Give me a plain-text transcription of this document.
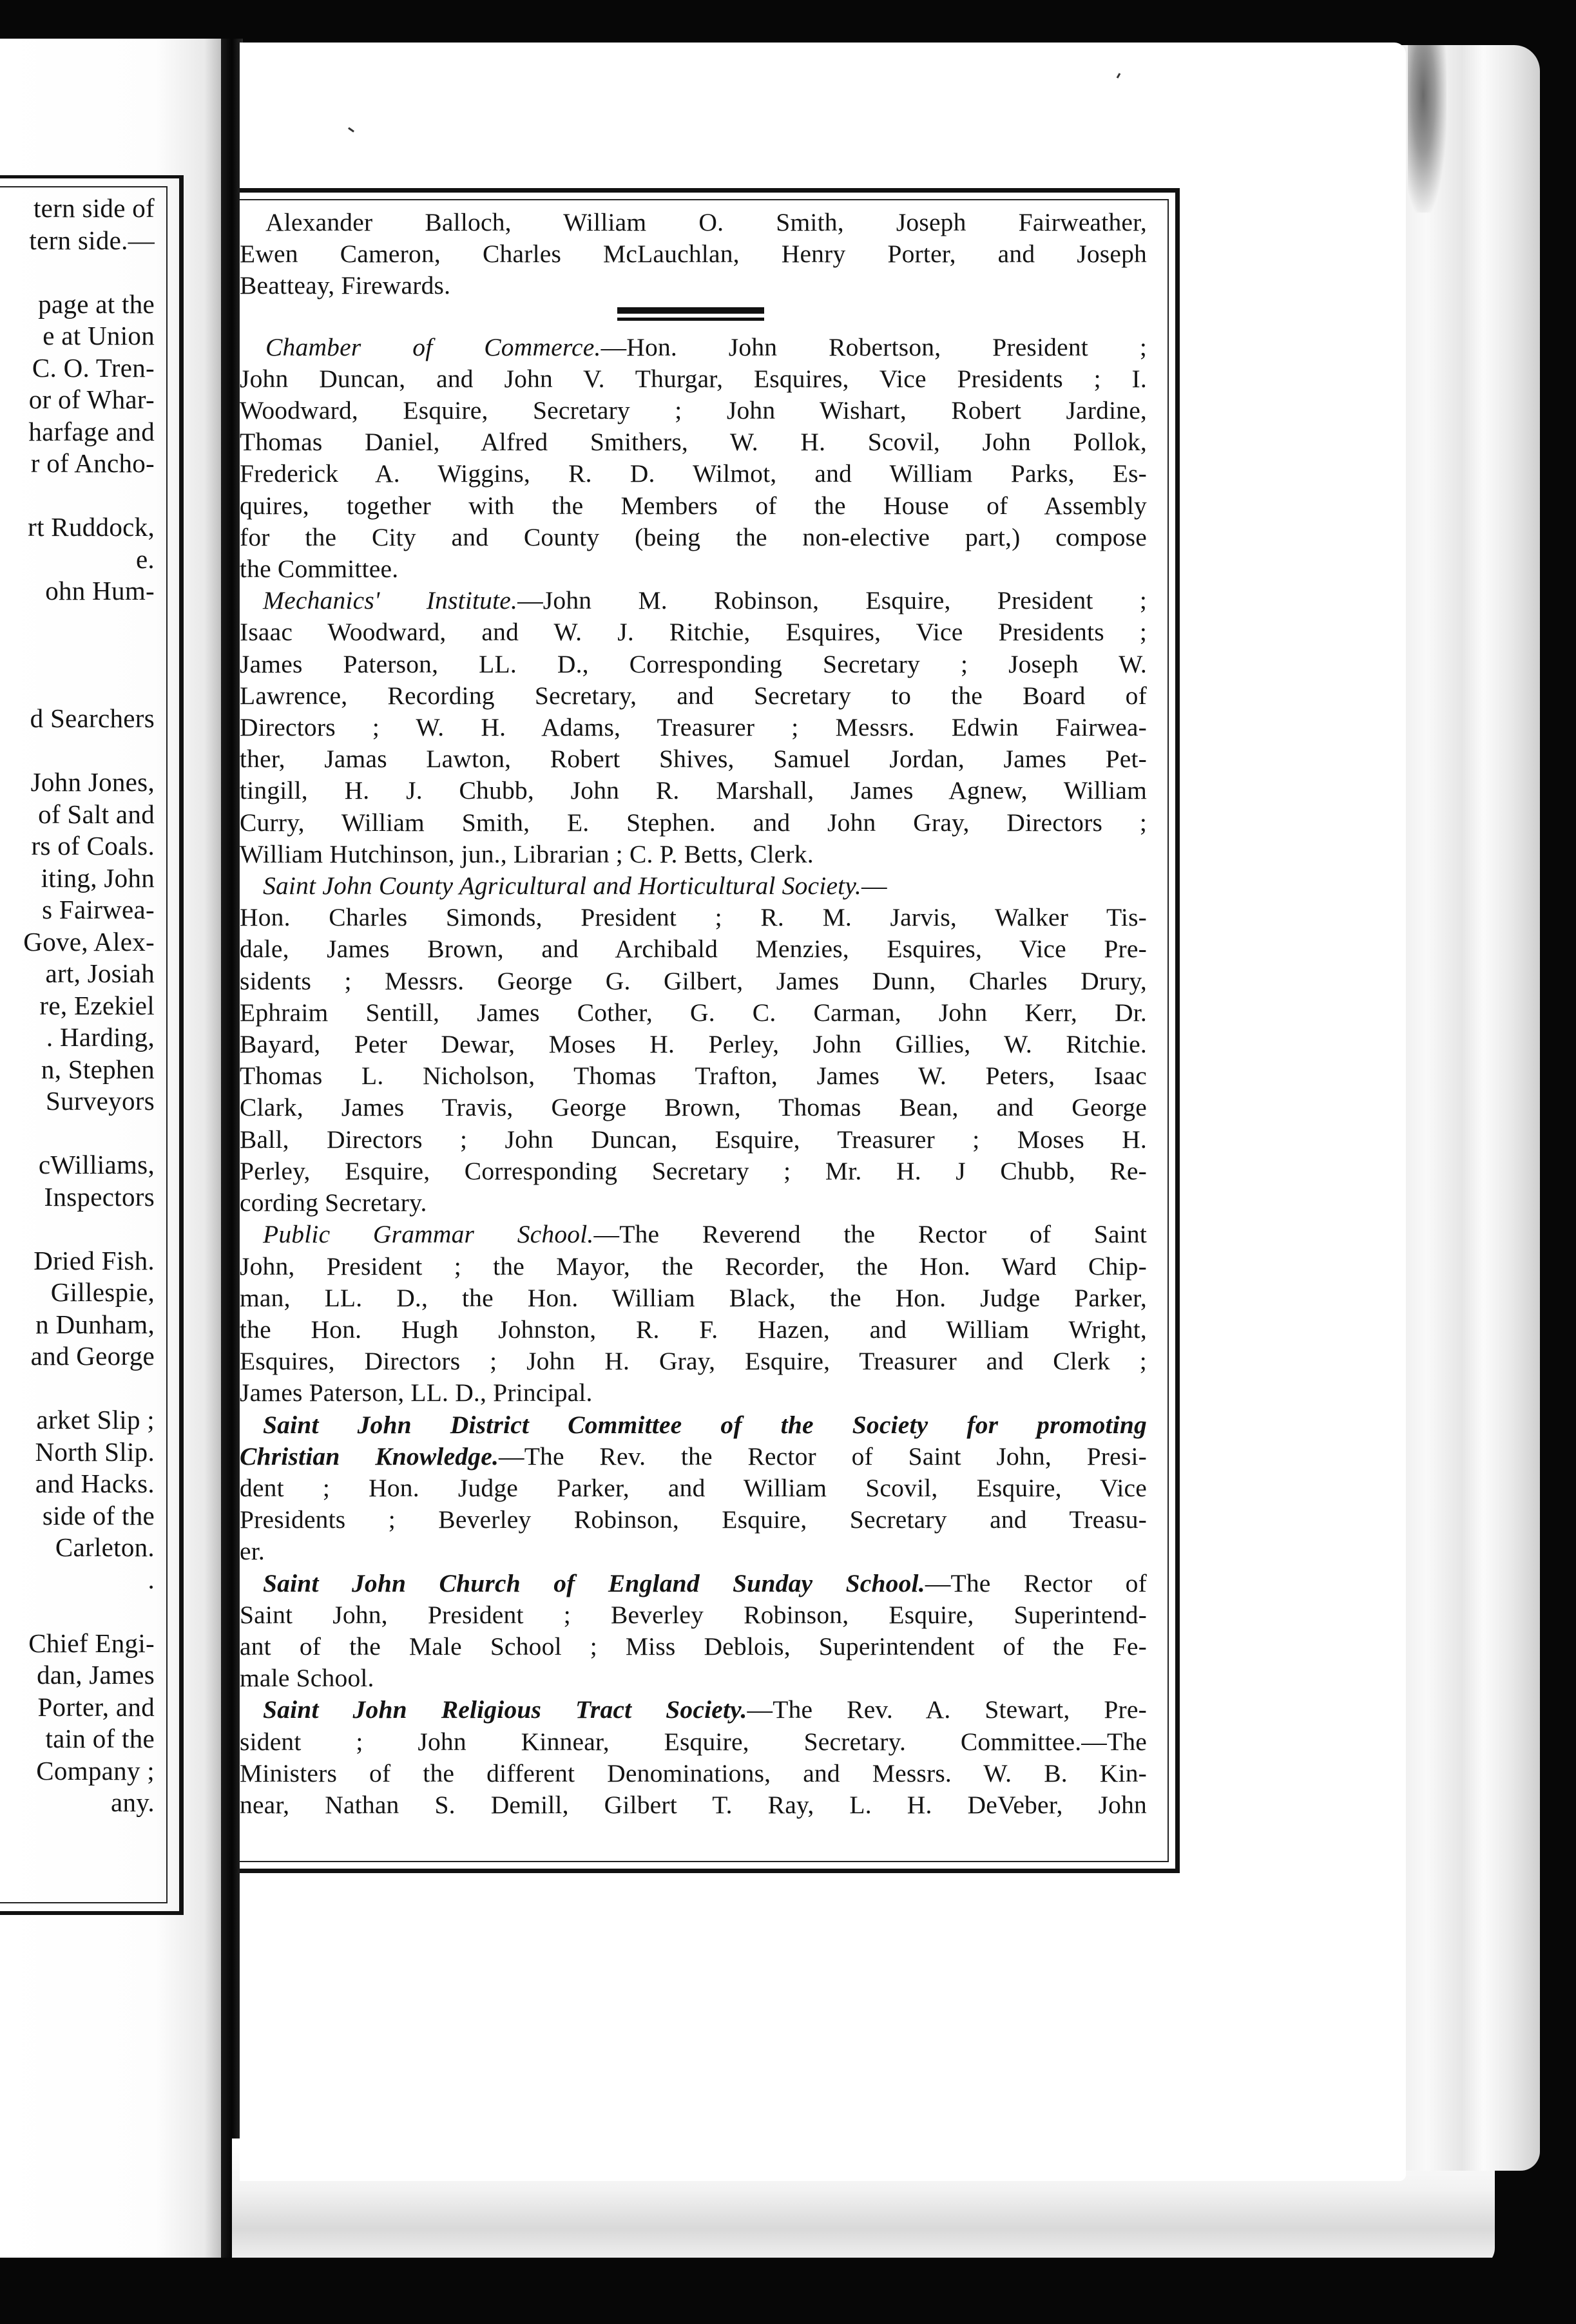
tern side of
tern side.—
page at the
e at Union
C. O. Tren-
or of Whar-
harfage and
r of Ancho-
rt Ruddock,
e.
ohn Hum-
d Searchers
John Jones,
of Salt and
rs of Coals.
iting, John
s Fairwea-
Gove, Alex-
art, Josiah
re, Ezekiel
. Harding,
n, Stephen
Surveyors
cWilliams,
Inspectors
Dried Fish.
Gillespie,
n Dunham,
and George
arket Slip ;
North Slip.
and Hacks.
side of the
Carleton.
.
Chief Engi-
dan, James
Porter, and
tain of the
Company ;
any.
Alexander Balloch, William O. Smith, Joseph Fairweather,
Ewen Cameron, Charles McLauchlan, Henry Porter, and Joseph
Beatteay, Firewards.
Chamber of Commerce.—Hon. John Robertson, President ;
John Duncan, and John V. Thurgar, Esquires, Vice Presidents ; I.
Woodward, Esquire, Secretary ; John Wishart, Robert Jardine,
Thomas Daniel, Alfred Smithers, W. H. Scovil, John Pollok,
Frederick A. Wiggins, R. D. Wilmot, and William Parks, Es-
quires, together with the Members of the House of Assembly
for the City and County (being the non-elective part,) compose
the Committee.
Mechanics' Institute.—John M. Robinson, Esquire, President ;
Isaac Woodward, and W. J. Ritchie, Esquires, Vice Presidents ;
James Paterson, LL. D., Corresponding Secretary ; Joseph W.
Lawrence, Recording Secretary, and Secretary to the Board of
Directors ; W. H. Adams, Treasurer ; Messrs. Edwin Fairwea-
ther, Jamas Lawton, Robert Shives, Samuel Jordan, James Pet-
tingill, H. J. Chubb, John R. Marshall, James Agnew, William
Curry, William Smith, E. Stephen. and John Gray, Directors ;
William Hutchinson, jun., Librarian ; C. P. Betts, Clerk.
Saint John County Agricultural and Horticultural Society.—
Hon. Charles Simonds, President ; R. M. Jarvis, Walker Tis-
dale, James Brown, and Archibald Menzies, Esquires, Vice Pre-
sidents ; Messrs. George G. Gilbert, James Dunn, Charles Drury,
Ephraim Sentill, James Cother, G. C. Carman, John Kerr, Dr.
Bayard, Peter Dewar, Moses H. Perley, John Gillies, W. Ritchie.
Thomas L. Nicholson, Thomas Trafton, James W. Peters, Isaac
Clark, James Travis, George Brown, Thomas Bean, and George
Ball, Directors ; John Duncan, Esquire, Treasurer ; Moses H.
Perley, Esquire, Corresponding Secretary ; Mr. H. J Chubb, Re-
cording Secretary.
Public Grammar School.—The Reverend the Rector of Saint
John, President ; the Mayor, the Recorder, the Hon. Ward Chip-
man, LL. D., the Hon. William Black, the Hon. Judge Parker,
the Hon. Hugh Johnston, R. F. Hazen, and William Wright,
Esquires, Directors ; John H. Gray, Esquire, Treasurer and Clerk ;
James Paterson, LL. D., Principal.
Saint John District Committee of the Society for promoting
Christian Knowledge.—The Rev. the Rector of Saint John, Presi-
dent ; Hon. Judge Parker, and William Scovil, Esquire, Vice
Presidents ; Beverley Robinson, Esquire, Secretary and Treasu-
er.
Saint John Church of England Sunday School.—The Rector of
Saint John, President ; Beverley Robinson, Esquire, Superintend-
ant of the Male School ; Miss Deblois, Superintendent of the Fe-
male School.
Saint John Religious Tract Society.—The Rev. A. Stewart, Pre-
sident ; John Kinnear, Esquire, Secretary. Committee.—The
Ministers of the different Denominations, and Messrs. W. B. Kin-
near, Nathan S. Demill, Gilbert T. Ray, L. H. DeVeber, John
